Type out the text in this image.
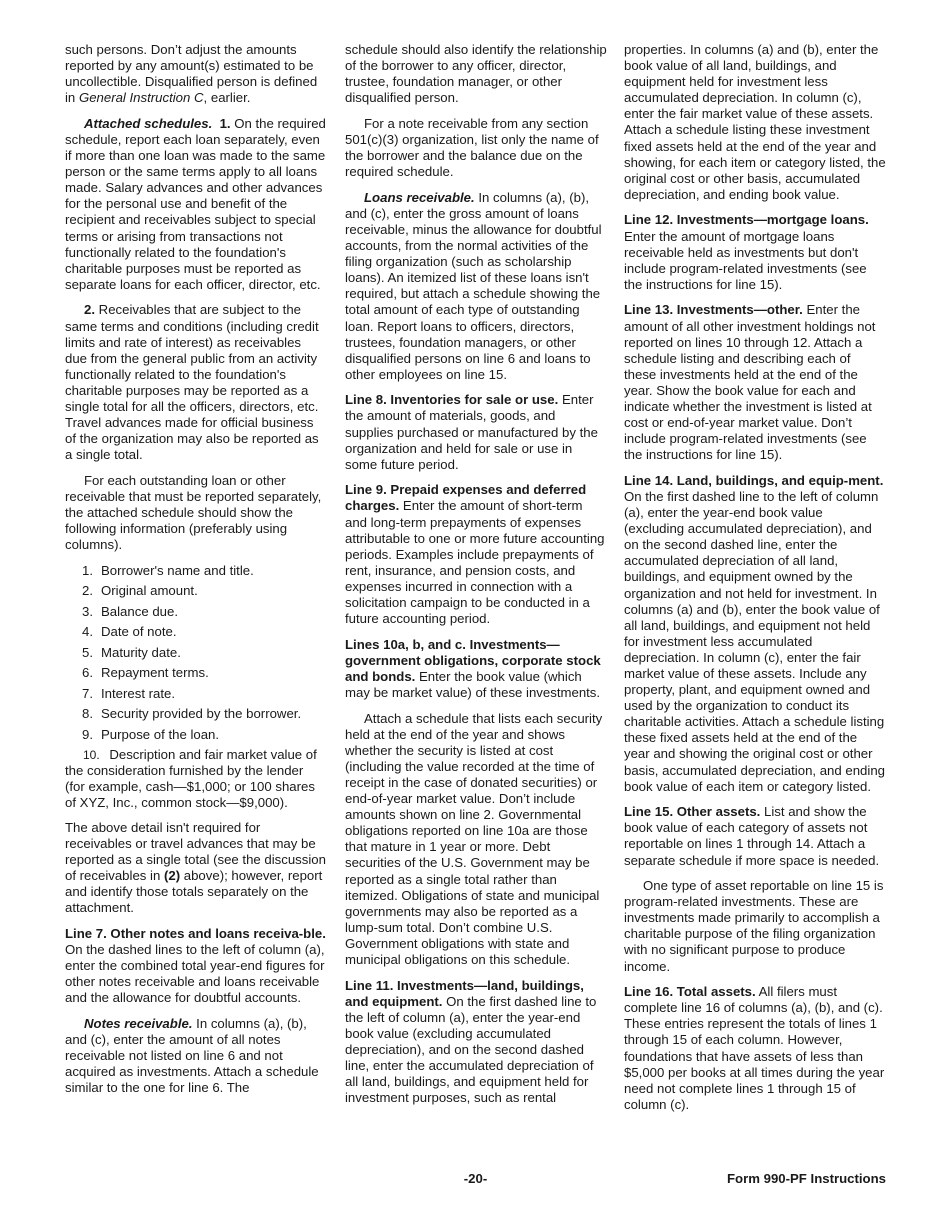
such persons. Don’t adjust the amounts reported by any amount(s) estimated to be uncollectible. Disqualified person is defined in General Instruction C, earlier.

Attached schedules. 1. On the required schedule, report each loan separately, even if more than one loan was made to the same person or the same terms apply to all loans made. Salary advances and other advances for the personal use and benefit of the recipient and receivables subject to special terms or arising from transactions not functionally related to the foundation's charitable purposes must be reported as separate loans for each officer, director, etc.

2. Receivables that are subject to the same terms and conditions (including credit limits and rate of interest) as receivables due from the general public from an activity functionally related to the foundation's charitable purposes may be reported as a single total for all the officers, directors, etc. Travel advances made for official business of the organization may also be reported as a single total.

For each outstanding loan or other receivable that must be reported separately, the attached schedule should show the following information (preferably using columns).

1. Borrower's name and title.
2. Original amount.
3. Balance due.
4. Date of note.
5. Maturity date.
6. Repayment terms.
7. Interest rate.
8. Security provided by the borrower.
9. Purpose of the loan.
10. Description and fair market value of the consideration furnished by the lender (for example, cash—$1,000; or 100 shares of XYZ, Inc., common stock—$9,000).

The above detail isn't required for receivables or travel advances that may be reported as a single total (see the discussion of receivables in (2) above); however, report and identify those totals separately on the attachment.

Line 7. Other notes and loans receiva-ble. On the dashed lines to the left of column (a), enter the combined total year-end figures for other notes receivable and loans receivable and the allowance for doubtful accounts.

Notes receivable. In columns (a), (b), and (c), enter the amount of all notes receivable not listed on line 6 and not acquired as investments. Attach a schedule similar to the one for line 6. The

schedule should also identify the relationship of the borrower to any officer, director, trustee, foundation manager, or other disqualified person.

For a note receivable from any section 501(c)(3) organization, list only the name of the borrower and the balance due on the required schedule.

Loans receivable. In columns (a), (b), and (c), enter the gross amount of loans receivable, minus the allowance for doubtful accounts, from the normal activities of the filing organization (such as scholarship loans). An itemized list of these loans isn't required, but attach a schedule showing the total amount of each type of outstanding loan. Report loans to officers, directors, trustees, foundation managers, or other disqualified persons on line 6 and loans to other employees on line 15.

Line 8. Inventories for sale or use. Enter the amount of materials, goods, and supplies purchased or manufactured by the organization and held for sale or use in some future period.

Line 9. Prepaid expenses and deferred charges. Enter the amount of short-term and long-term prepayments of expenses attributable to one or more future accounting periods. Examples include prepayments of rent, insurance, and pension costs, and expenses incurred in connection with a solicitation campaign to be conducted in a future accounting period.

Lines 10a, b, and c. Investments—government obligations, corporate stock and bonds. Enter the book value (which may be market value) of these investments.

Attach a schedule that lists each security held at the end of the year and shows whether the security is listed at cost (including the value recorded at the time of receipt in the case of donated securities) or end-of-year market value. Don’t include amounts shown on line 2. Governmental obligations reported on line 10a are those that mature in 1 year or more. Debt securities of the U.S. Government may be reported as a single total rather than itemized. Obligations of state and municipal governments may also be reported as a lump-sum total. Don’t combine U.S. Government obligations with state and municipal obligations on this schedule.

Line 11. Investments—land, buildings, and equipment. On the first dashed line to the left of column (a), enter the year-end book value (excluding accumulated depreciation), and on the second dashed line, enter the accumulated depreciation of all land, buildings, and equipment held for investment purposes, such as rental

properties. In columns (a) and (b), enter the book value of all land, buildings, and equipment held for investment less accumulated depreciation. In column (c), enter the fair market value of these assets. Attach a schedule listing these investment fixed assets held at the end of the year and showing, for each item or category listed, the original cost or other basis, accumulated depreciation, and ending book value.

Line 12. Investments—mortgage loans. Enter the amount of mortgage loans receivable held as investments but don't include program-related investments (see the instructions for line 15).

Line 13. Investments—other. Enter the amount of all other investment holdings not reported on lines 10 through 12. Attach a schedule listing and describing each of these investments held at the end of the year. Show the book value for each and indicate whether the investment is listed at cost or end-of-year market value. Don’t include program-related investments (see the instructions for line 15).

Line 14. Land, buildings, and equip-ment. On the first dashed line to the left of column (a), enter the year-end book value (excluding accumulated depreciation), and on the second dashed line, enter the accumulated depreciation of all land, buildings, and equipment owned by the organization and not held for investment. In columns (a) and (b), enter the book value of all land, buildings, and equipment not held for investment less accumulated depreciation. In column (c), enter the fair market value of these assets. Include any property, plant, and equipment owned and used by the organization to conduct its charitable activities. Attach a schedule listing these fixed assets held at the end of the year and showing the original cost or other basis, accumulated depreciation, and ending book value of each item or category listed.

Line 15. Other assets. List and show the book value of each category of assets not reportable on lines 1 through 14. Attach a separate schedule if more space is needed.

One type of asset reportable on line 15 is program-related investments. These are investments made primarily to accomplish a charitable purpose of the filing organization with no significant purpose to produce income.

Line 16. Total assets. All filers must complete line 16 of columns (a), (b), and (c). These entries represent the totals of lines 1 through 15 of each column. However, foundations that have assets of less than $5,000 per books at all times during the year need not complete lines 1 through 15 of column (c).

-20-	Form 990-PF Instructions
